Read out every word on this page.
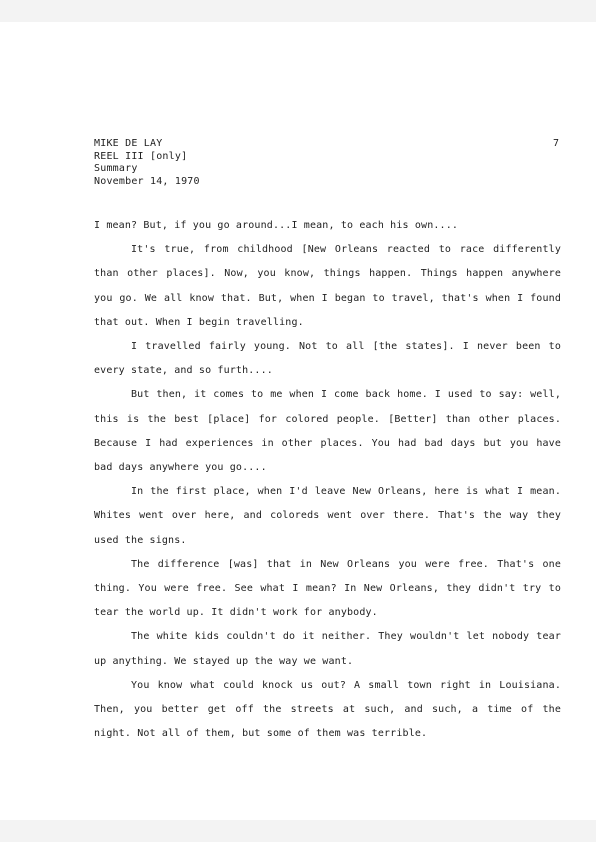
MIKE DE LAY
REEL III [only]
Summary
November 14, 1970
7

I mean? But, if you go around...I mean, to each his own....

It's true, from childhood [New Orleans reacted to race differently than other places]. Now, you know, things happen. Things happen anywhere you go. We all know that. But, when I began to travel, that's when I found that out. When I begin travelling.

I travelled fairly young. Not to all [the states]. I never been to every state, and so furth....

But then, it comes to me when I come back home. I used to say: well, this is the best [place] for colored people. [Better] than other places. Because I had experiences in other places. You had bad days but you have bad days anywhere you go....

In the first place, when I'd leave New Orleans, here is what I mean. Whites went over here, and coloreds went over there. That's the way they used the signs.

The difference [was] that in New Orleans you were free. That's one thing. You were free. See what I mean? In New Orleans, they didn't try to tear the world up. It didn't work for anybody.

The white kids couldn't do it neither. They wouldn't let nobody tear up anything. We stayed up the way we want.

You know what could knock us out? A small town right in Louisiana. Then, you better get off the streets at such, and such, a time of the night. Not all of them, but some of them was terrible.
